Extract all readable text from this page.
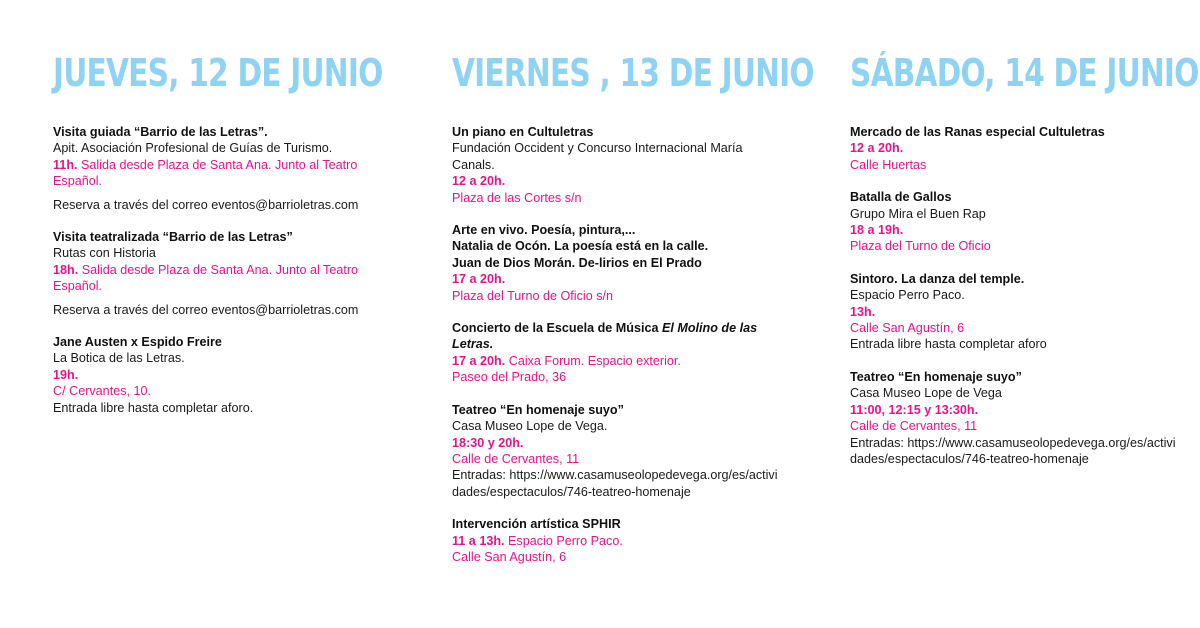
JUEVES, 12 DE JUNIO
Visita guiada “Barrio de las Letras”.
Apit. Asociación Profesional de Guías de Turismo.
11h. Salida desde Plaza de Santa Ana. Junto al Teatro Español.
Reserva a través del correo eventos@barrioletras.com
Visita teatralizada “Barrio de las Letras”
Rutas con Historia
18h. Salida desde Plaza de Santa Ana. Junto al Teatro Español.
Reserva a través del correo eventos@barrioletras.com
Jane Austen x Espido Freire
La Botica de las Letras.
19h.
C/ Cervantes, 10.
Entrada libre hasta completar aforo.
VIERNES , 13 DE JUNIO
Un piano en Cultuletras
Fundación Occident y Concurso Internacional María Canals.
12 a 20h.
Plaza de las Cortes s/n
Arte en vivo. Poesía, pintura,...
Natalia de Ocón. La poesía está en la calle.
Juan de Dios Morán. De-lirios en El Prado
17 a 20h.
Plaza del Turno de Oficio s/n
Concierto de la Escuela de Música El Molino de las Letras.
17 a 20h. Caixa Forum. Espacio exterior.
Paseo del Prado, 36
Teatreo “En homenaje suyo”
Casa Museo Lope de Vega.
18:30 y 20h.
Calle de Cervantes, 11
Entradas: https://www.casamuseolopedevega.org/es/actividades/espectaculos/746-teatreo-homenaje
Intervención artística SPHIR
11 a 13h. Espacio Perro Paco.
Calle San Agustín, 6
SÁBADO, 14 DE JUNIO
Mercado de las Ranas especial Cultuletras
12 a 20h.
Calle Huertas
Batalla de Gallos
Grupo Mira el Buen Rap
18 a 19h.
Plaza del Turno de Oficio
Sintoro. La danza del temple.
Espacio Perro Paco.
13h.
Calle San Agustín, 6
Entrada libre hasta completar aforo
Teatreo “En homenaje suyo”
Casa Museo Lope de Vega
11:00, 12:15 y 13:30h.
Calle de Cervantes, 11
Entradas: https://www.casamuseolopedevega.org/es/actividades/espectaculos/746-teatreo-homenaje
